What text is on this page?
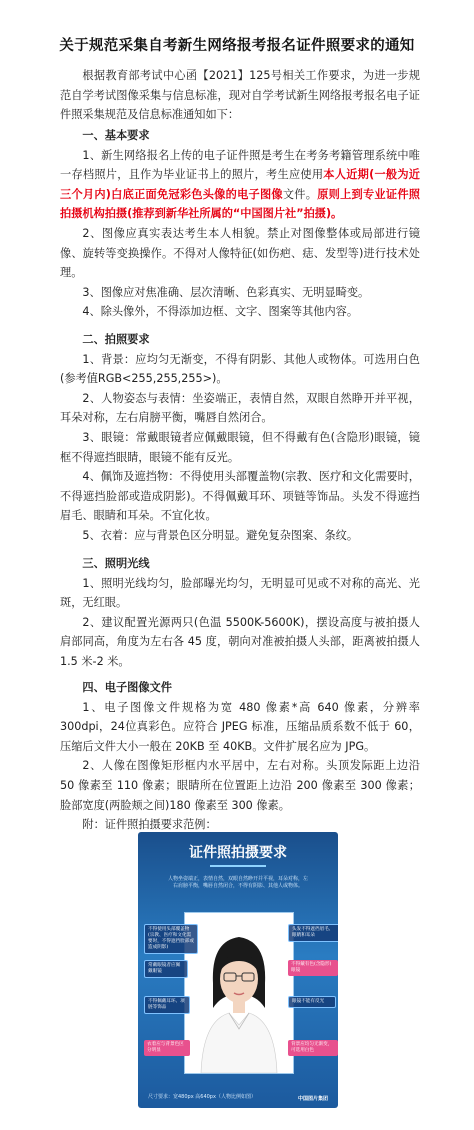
关于规范采集自考新生网络报考报名证件照要求的通知

根据教育部考试中心函【2021】125号相关工作要求，为进一步规范自学考试图像采集与信息标准，现对自学考试新生网络报考报名电子证件照采集规范及信息标准通知如下：

一、基本要求

1、新生网络报名上传的电子证件照是考生在考务考籍管理系统中唯一存档照片，且作为毕业证书上的照片，考生应使用本人近期(一般为近三个月内)白底正面免冠彩色头像的电子图像文件。原则上到专业证件照拍摄机构拍摄(推荐到新华社所属的“中国图片社”拍摄)。

2、图像应真实表达考生本人相貌。禁止对图像整体或局部进行镜像、旋转等变换操作。不得对人像特征(如伤疤、痣、发型等)进行技术处理。

3、图像应对焦准确、层次清晰、色彩真实、无明显畸变。

4、除头像外，不得添加边框、文字、图案等其他内容。

二、拍照要求

1、背景：应均匀无渐变，不得有阴影、其他人或物体。可选用白色(参考值RGB<255,255,255>)。

2、人物姿态与表情：坐姿端正，表情自然，双眼自然睁开并平视，耳朵对称，左右肩膀平衡，嘴唇自然闭合。

3、眼镜：常戴眼镜者应佩戴眼镜，但不得戴有色(含隐形)眼镜，镜框不得遮挡眼睛，眼镜不能有反光。

4、佩饰及遮挡物：不得使用头部覆盖物(宗教、医疗和文化需要时，不得遮挡脸部或造成阴影)。不得佩戴耳环、项链等饰品。头发不得遮挡眉毛、眼睛和耳朵。不宜化妆。

5、衣着：应与背景色区分明显。避免复杂图案、条纹。

三、照明光线

1、照明光线均匀，脸部曝光均匀，无明显可见或不对称的高光、光斑，无红眼。

2、建议配置光源两只(色温 5500K-5600K)，摆设高度与被拍摄人肩部同高，角度为左右各 45 度，朝向对准被拍摄人头部，距离被拍摄人 1.5 米-2 米。

四、电子图像文件

1、电子图像文件规格为宽 480 像素*高 640 像素，分辨率300dpi，24位真彩色。应符合 JPEG 标准，压缩品质系数不低于 60，压缩后文件大小一般在 20KB 至 40KB。文件扩展名应为 JPG。

2、人像在图像矩形框内水平居中，左右对称。头顶发际距上边沿 50 像素至 110 像素；眼睛所在位置距上边沿 200 像素至 300 像素；脸部宽度(两脸颊之间)180 像素至 300 像素。

附：证件照拍摄要求范例：

证件照拍摄要求
人物坐姿端正，表情自然，双眼自然睁开并平视，耳朵对称，左右肩膀平衡，嘴唇自然闭合，不得有阴影、其他人或物体。
不得使用头部覆盖物(宗教、医疗和文化需要时，不得遮挡脸部或造成阴影)
常戴眼镜者应佩戴眼镜
不得佩戴耳环、项链等饰品
衣着应与背景色区分明显
头发不得遮挡眉毛、眼睛和耳朵
不得戴有色(含隐形)眼镜
眼镜不能有反光
背景应均匀无渐变，可选用白色
尺寸要求：宽480px 高640px（人物比例如图）	中国图片集团
